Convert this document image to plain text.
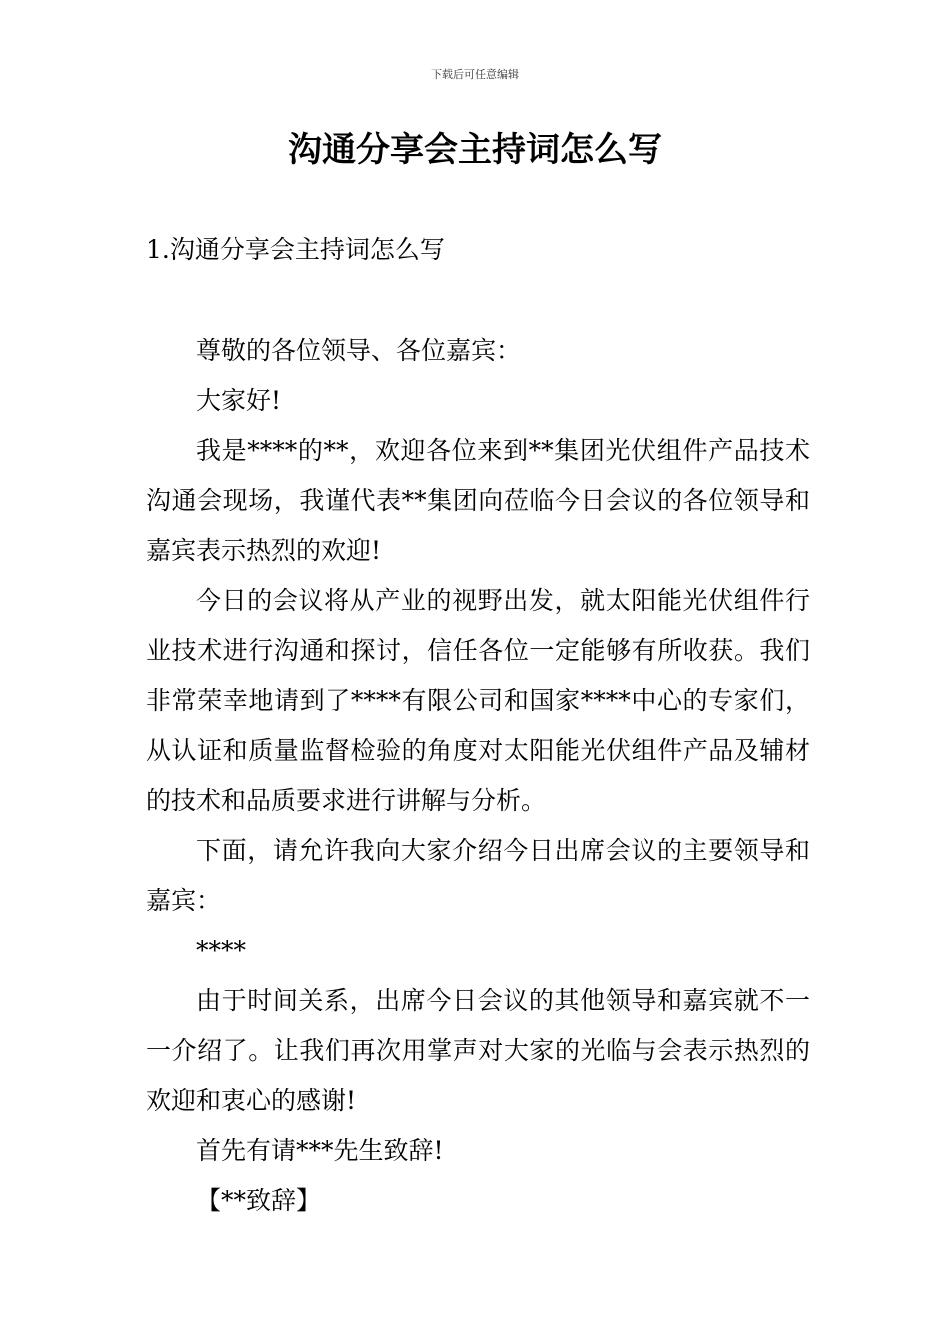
下载后可任意编辑
沟通分享会主持词怎么写
1.沟通分享会主持词怎么写

尊敬的各位领导、各位嘉宾：

大家好!

我是****的**，欢迎各位来到**集团光伏组件产品技术沟通会现场，我谨代表**集团向莅临今日会议的各位领导和嘉宾表示热烈的欢迎!

今日的会议将从产业的视野出发，就太阳能光伏组件行业技术进行沟通和探讨，信任各位一定能够有所收获。我们非常荣幸地请到了****有限公司和国家****中心的专家们，从认证和质量监督检验的角度对太阳能光伏组件产品及辅材的技术和品质要求进行讲解与分析。

下面，请允许我向大家介绍今日出席会议的主要领导和嘉宾：

****

由于时间关系，出席今日会议的其他领导和嘉宾就不一一介绍了。让我们再次用掌声对大家的光临与会表示热烈的欢迎和衷心的感谢!

首先有请***先生致辞!

【**致辞】
